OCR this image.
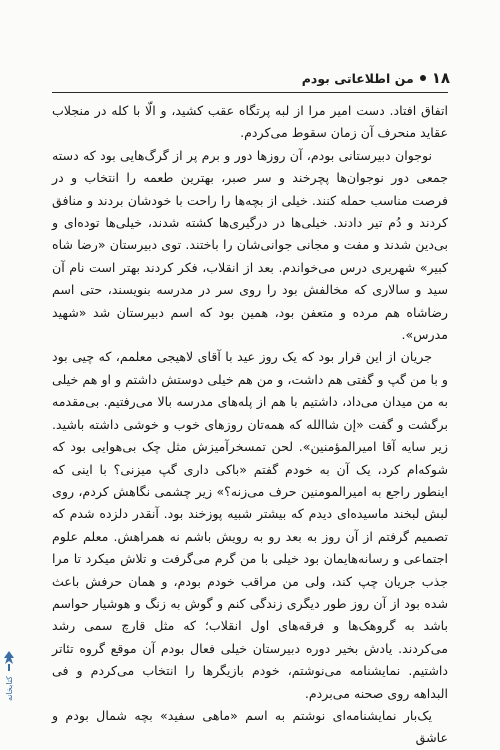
۱۸
من اطلاعاتی بودم

اتفاق افتاد. دست امیر مرا از لبه پرتگاه عقب کشید، و الّا با کله در منجلاب عقاید منحرف آن زمان سقوط می‌کردم.

نوجوان دبیرستانی بودم، آن روزها دور و برم پر از گرگ‌هایی بود که دسته جمعی دور نوجوان‌ها پچرخند و سر صبر، بهترین طعمه را انتخاب و در فرصت مناسب حمله کنند. خیلی از بچه‌ها را راحت با خودشان بردند و منافق کردند و دُم تیر دادند. خیلی‌ها در درگیری‌ها کشته شدند، خیلی‌ها توده‌ای و بی‌دین شدند و مفت و مجانی جوانی‌شان را باختند. توی دبیرستان «رضا شاه کبیر» شهریری درس می‌خواندم. بعد از انقلاب، فکر کردند بهتر است نام آن سید و سالاری که مخالفش بود را روی سر در مدرسه بنویسند، حتی اسم رضاشاه هم مرده و متعفن بود، همین بود که اسم دبیرستان شد «شهید مدرس».

جریان از این قرار بود که یک روز عید با آقای لاهیجی معلمم، که چیی بود و با من گپ و گفتی هم داشت، و من هم خیلی دوستش داشتم و او هم خیلی به من میدان می‌داد، داشتیم با هم از پله‌های مدرسه بالا می‌رفتیم. بی‌مقدمه برگشت و گفت «إن شاالله که همه‌تان روزهای خوب و خوشی داشته باشید. زیر سایه آقا امیرالمؤمنین». لحن تمسخرآمیزش مثل چک بی‌هوایی بود که شوکه‌ام کرد، یک آن به خودم گفتم «باکی داری گپ میزنی؟ با اینی که اینطور راجع به امیرالمومنین حرف می‌زنه؟» زیر چشمی نگاهش کردم، روی لبش لبخند ماسیده‌ای دیدم که بیشتر شبیه پوزخند بود. آنقدر دلزده شدم که تصمیم گرفتم از آن روز به بعد رو به رویش باشم نه همراهش. معلم علوم اجتماعی و رسانه‌هایمان بود خیلی با من گرم می‌گرفت و تلاش میکرد تا مرا جذب جریان چپ کند، ولی من مراقب خودم بودم، و همان حرفش باعث شده بود از آن روز طور دیگری زندگی کنم و گوش به زنگ و هوشیار حواسم باشد به گروهک‌ها و فرقه‌های اول انقلاب؛ که مثل قارچ سمی رشد می‌کردند. یادش بخیر دوره دبیرستان خیلی فعال بودم آن موقع گروه تئاتر داشتیم. نمایشنامه می‌نوشتم، خودم بازیگرها را انتخاب می‌کردم و فی البداهه روی صحنه می‌بردم.

یک‌بار نمایشنامه‌ای نوشتم به اسم «ماهی سفید» بچه شمال بودم و عاشق

کتابخانه
